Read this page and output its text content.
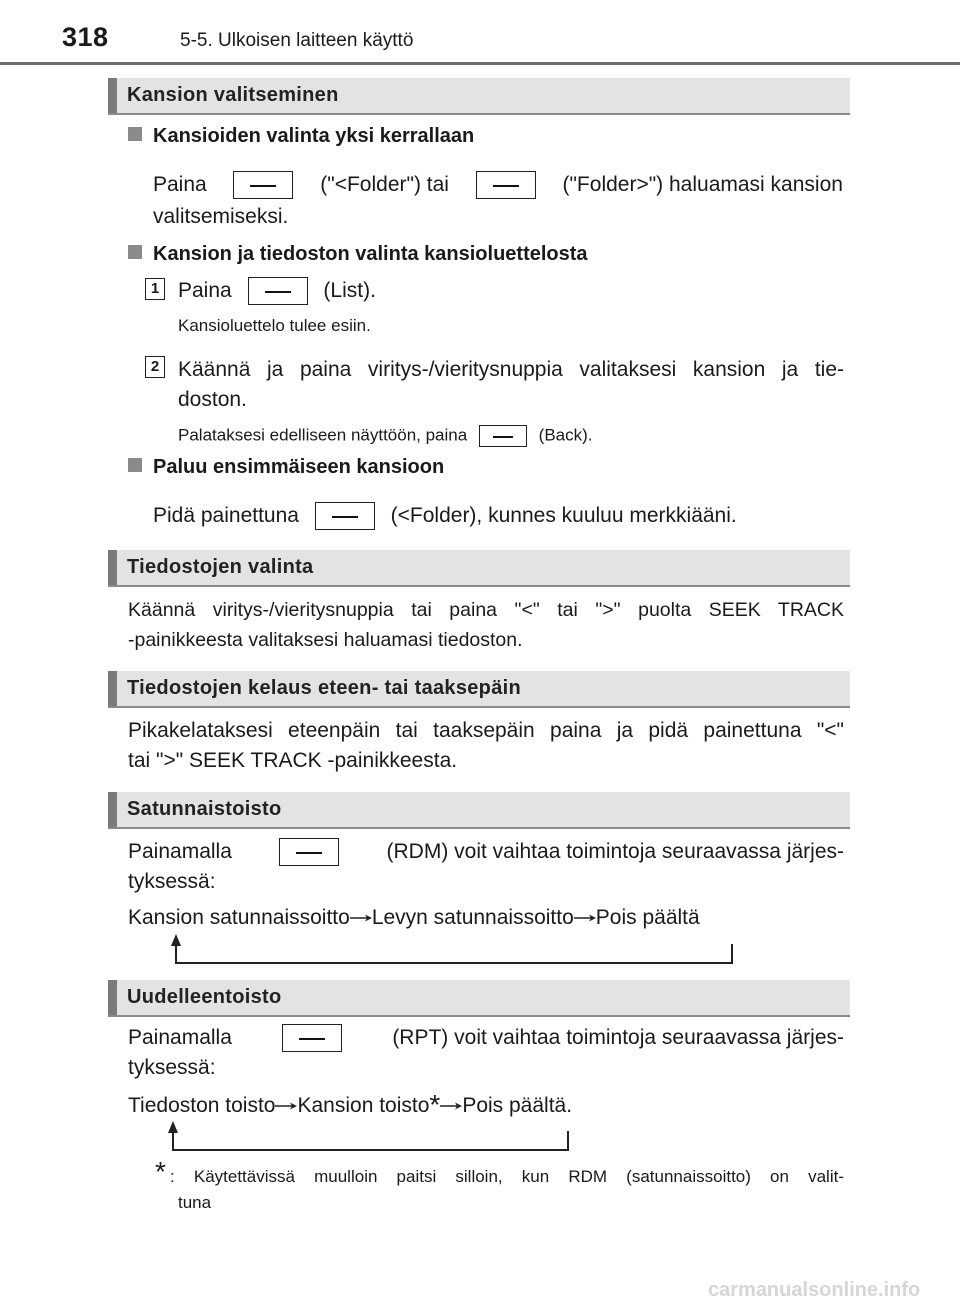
318	5-5. Ulkoisen laitteen käyttö
Kansion valitseminen
Kansioiden valinta yksi kerrallaan
Paina	("<Folder") tai	("Folder>") haluamasi kansion
valitsemiseksi.
Kansion ja tiedoston valinta kansioluettelosta
1 Paina	(List).
Kansioluettelo tulee esiin.
2 Käännä ja paina viritys-/vieritysnuppia valitaksesi kansion ja tie-
doston.
Palataksesi edelliseen näyttöön, paina	(Back).
Paluu ensimmäiseen kansioon
Pidä painettuna	(<Folder), kunnes kuuluu merkkiääni.
Tiedostojen valinta
Käännä viritys-/vieritysnuppia tai paina "<" tai ">" puolta SEEK TRACK
-painikkeesta valitaksesi haluamasi tiedoston.
Tiedostojen kelaus eteen- tai taaksepäin
Pikakelataksesi eteenpäin tai taaksepäin paina ja pidä painettuna "<"
tai ">" SEEK TRACK -painikkeesta.
Satunnaistoisto
Painamalla	(RDM) voit vaihtaa toimintoja seuraavassa järjes-
tyksessä:
Kansion satunnaissoitto Levyn satunnaissoitto Pois päältä
Uudelleentoisto
Painamalla	(RPT) voit vaihtaa toimintoja seuraavassa järjes-
tyksessä:
Tiedoston toisto Kansion toisto* Pois päältä.
* : Käytettävissä muulloin paitsi silloin, kun RDM (satunnaissoitto) on valit-
tuna
carmanualsonline.info
